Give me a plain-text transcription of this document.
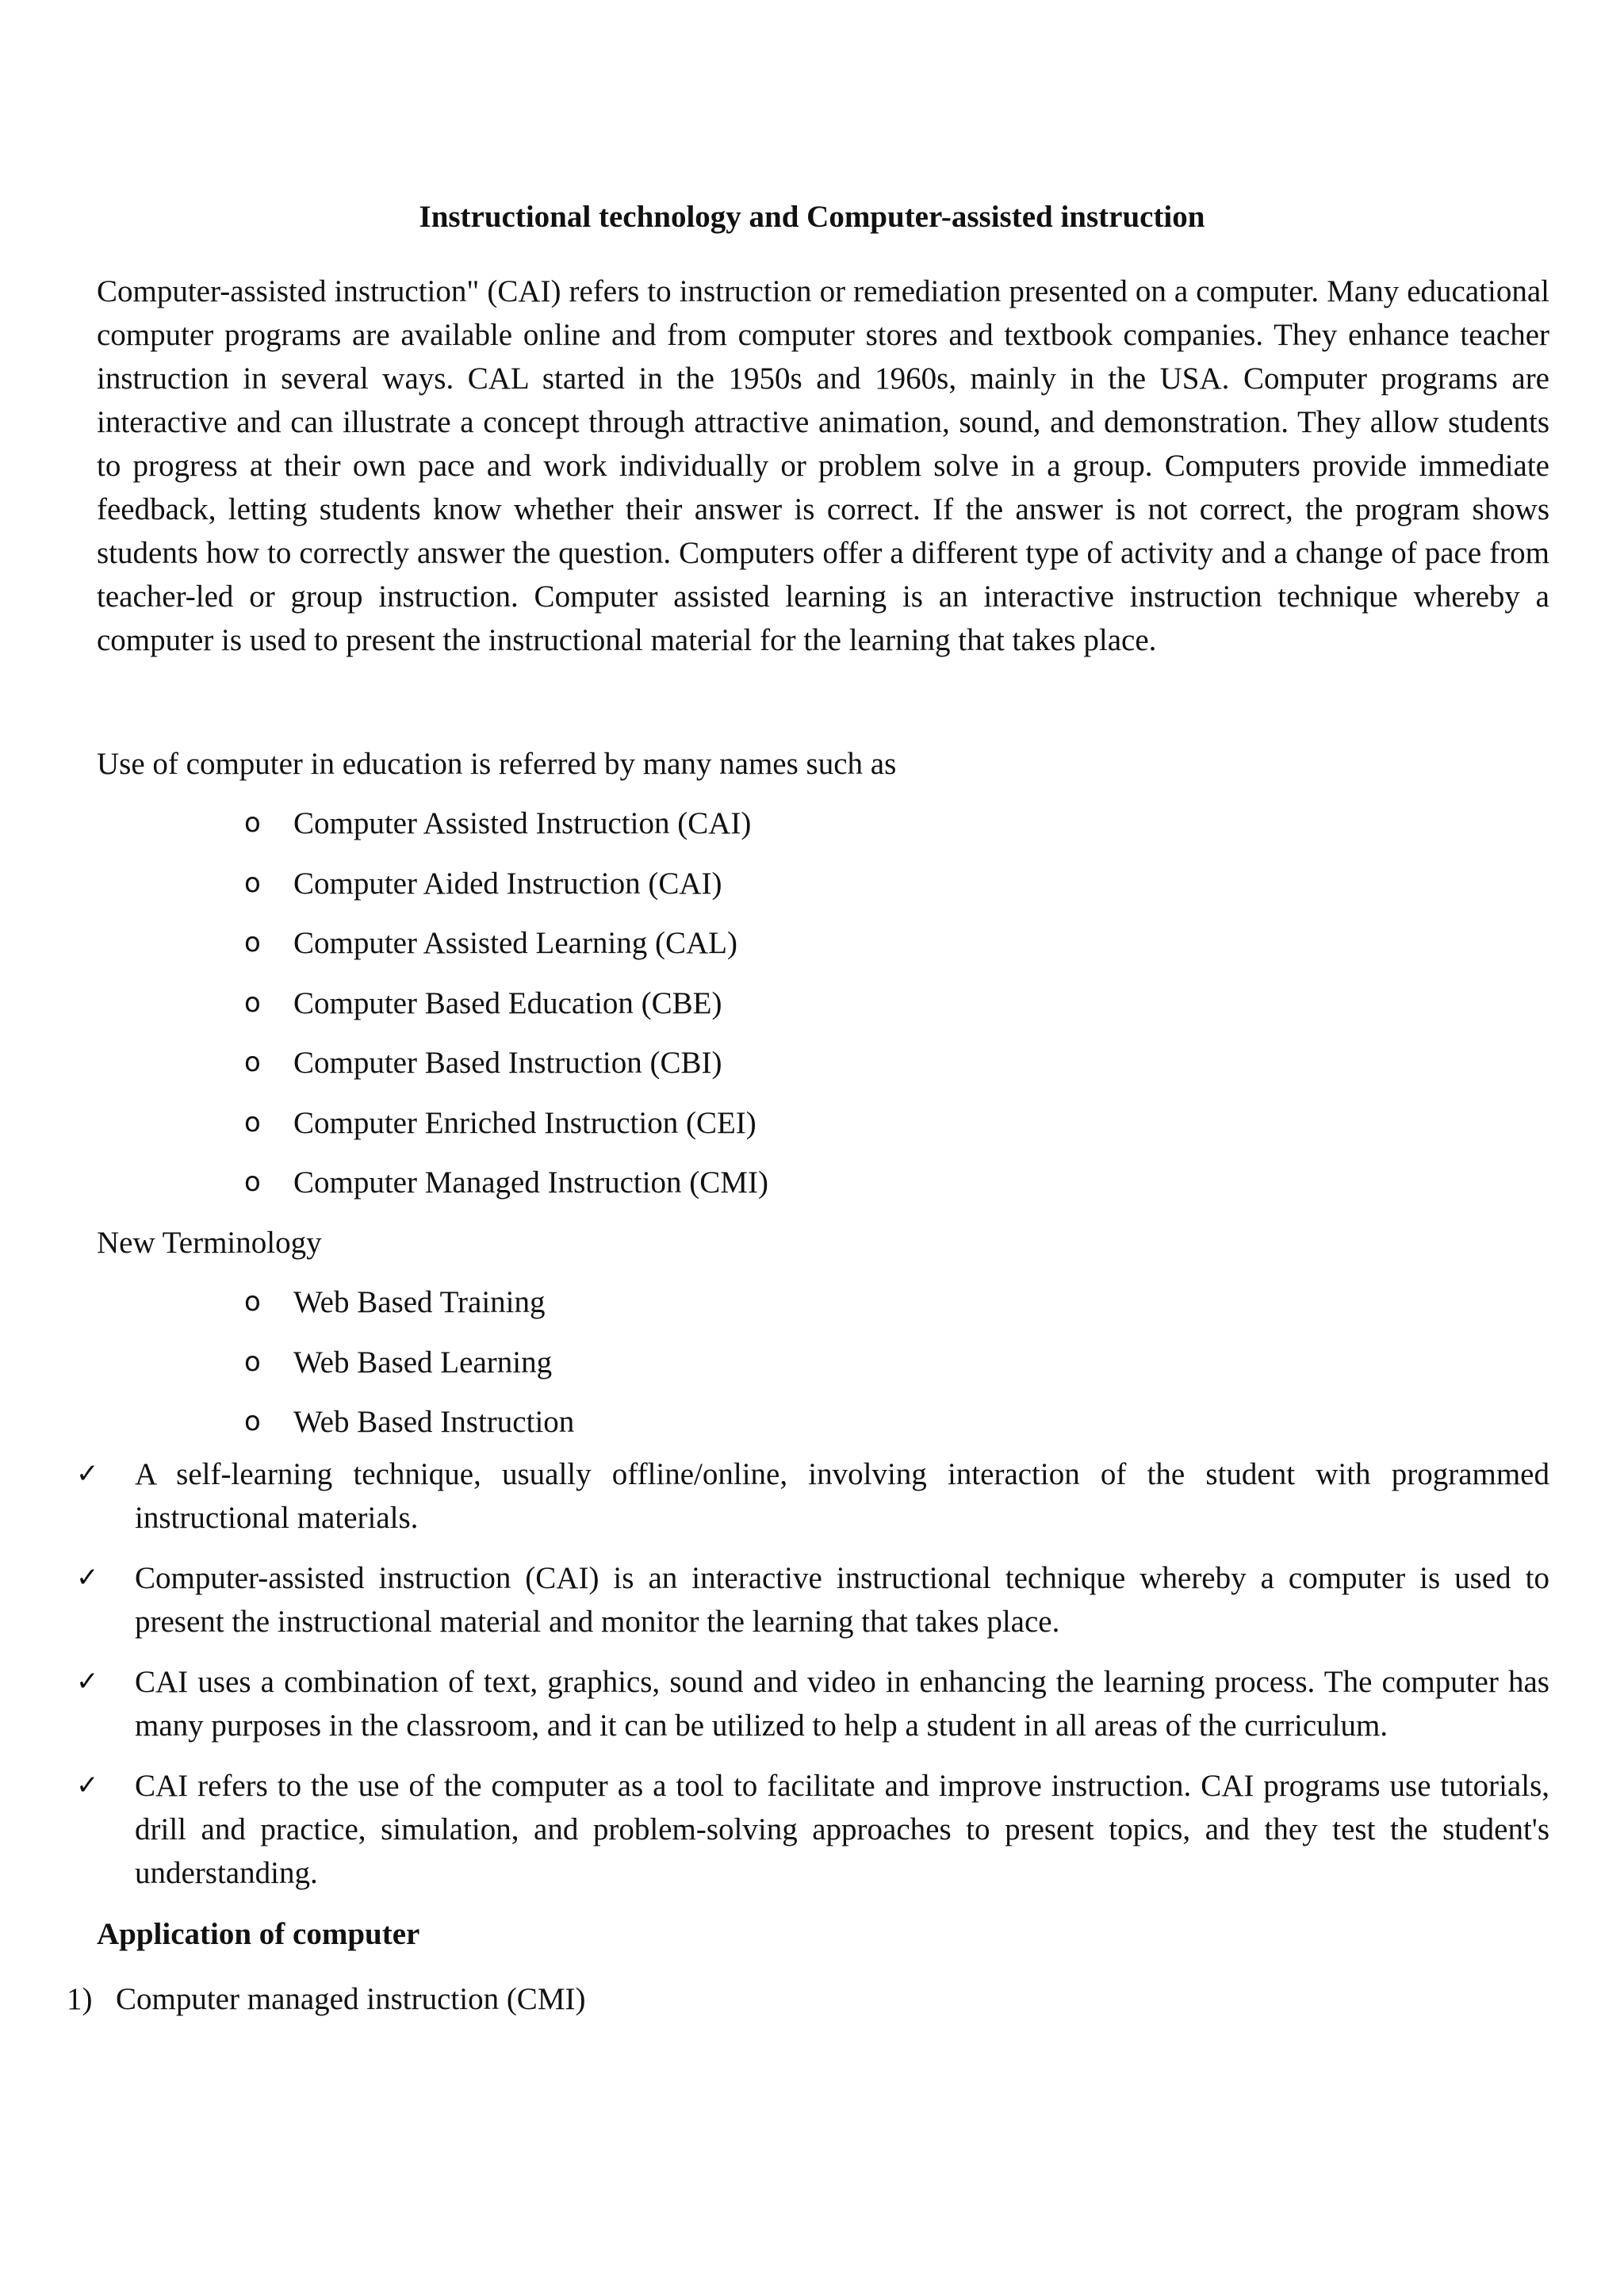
Instructional technology and Computer-assisted instruction

Computer-assisted instruction" (CAI) refers to instruction or remediation presented on a computer. Many educational computer programs are available online and from computer stores and textbook companies. They enhance teacher instruction in several ways. CAL started in the 1950s and 1960s, mainly in the USA. Computer programs are interactive and can illustrate a concept through attractive animation, sound, and demonstration. They allow students to progress at their own pace and work individually or problem solve in a group. Computers provide immediate feedback, letting students know whether their answer is correct. If the answer is not correct, the program shows students how to correctly answer the question. Computers offer a different type of activity and a change of pace from teacher-led or group instruction. Computer assisted learning is an interactive instruction technique whereby a computer is used to present the instructional material for the learning that takes place.

Use of computer in education is referred by many names such as

o Computer Assisted Instruction (CAI)
o Computer Aided Instruction (CAI)
o Computer Assisted Learning (CAL)
o Computer Based Education (CBE)
o Computer Based Instruction (CBI)
o Computer Enriched Instruction (CEI)
o Computer Managed Instruction (CMI)

New Terminology

o Web Based Training
o Web Based Learning
o Web Based Instruction
✓ A self-learning technique, usually offline/online, involving interaction of the student with programmed instructional materials.
✓ Computer-assisted instruction (CAI) is an interactive instructional technique whereby a computer is used to present the instructional material and monitor the learning that takes place.
✓ CAI uses a combination of text, graphics, sound and video in enhancing the learning process. The computer has many purposes in the classroom, and it can be utilized to help a student in all areas of the curriculum.
✓ CAI refers to the use of the computer as a tool to facilitate and improve instruction. CAI programs use tutorials, drill and practice, simulation, and problem-solving approaches to present topics, and they test the student's understanding.
Application of computer
1) Computer managed instruction (CMI)
